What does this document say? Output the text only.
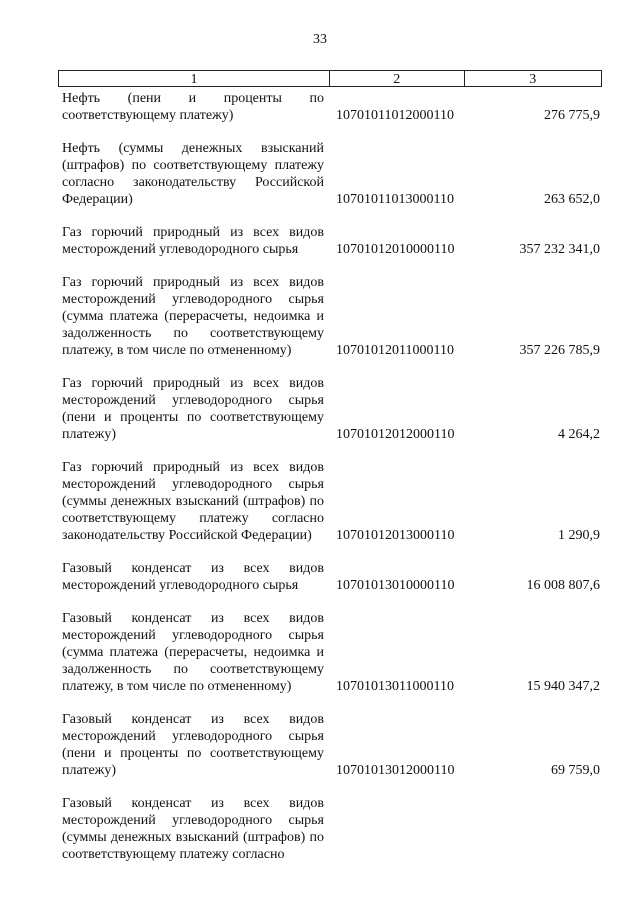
33
1	2	3
Нефть (пени и проценты по соответствующему платежу)	10701011012000110	276 775,9
Нефть (суммы денежных взысканий (штрафов) по соответствующему платежу согласно законодательству Российской Федерации)	10701011013000110	263 652,0
Газ горючий природный из всех видов месторождений углеводородного сырья	10701012010000110	357 232 341,0
Газ горючий природный из всех видов месторождений углеводородного сырья (сумма платежа (перерасчеты, недоимка и задолженность по соответствующему платежу, в том числе по отмененному)	10701012011000110	357 226 785,9
Газ горючий природный из всех видов месторождений углеводородного сырья (пени и проценты по соответствующему платежу)	10701012012000110	4 264,2
Газ горючий природный из всех видов месторождений углеводородного сырья (суммы денежных взысканий (штрафов) по соответствующему платежу согласно законодательству Российской Федерации)	10701012013000110	1 290,9
Газовый конденсат из всех видов месторождений углеводородного сырья	10701013010000110	16 008 807,6
Газовый конденсат из всех видов месторождений углеводородного сырья (сумма платежа (перерасчеты, недоимка и задолженность по соответствующему платежу, в том числе по отмененному)	10701013011000110	15 940 347,2
Газовый конденсат из всех видов месторождений углеводородного сырья (пени и проценты по соответствующему платежу)	10701013012000110	69 759,0
Газовый конденсат из всех видов месторождений углеводородного сырья (суммы денежных взысканий (штрафов) по соответствующему платежу согласно
